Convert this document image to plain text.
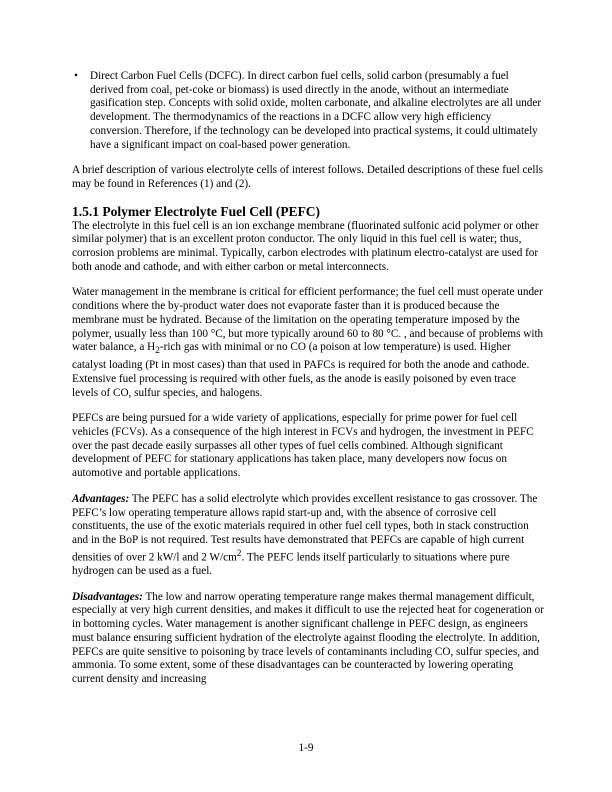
•	Direct Carbon Fuel Cells (DCFC). In direct carbon fuel cells, solid carbon (presumably a fuel derived from coal, pet-coke or biomass) is used directly in the anode, without an intermediate gasification step. Concepts with solid oxide, molten carbonate, and alkaline electrolytes are all under development. The thermodynamics of the reactions in a DCFC allow very high efficiency conversion. Therefore, if the technology can be developed into practical systems, it could ultimately have a significant impact on coal-based power generation.

A brief description of various electrolyte cells of interest follows. Detailed descriptions of these fuel cells may be found in References (1) and (2).

1.5.1 Polymer Electrolyte Fuel Cell (PEFC)

The electrolyte in this fuel cell is an ion exchange membrane (fluorinated sulfonic acid polymer or other similar polymer) that is an excellent proton conductor. The only liquid in this fuel cell is water; thus, corrosion problems are minimal. Typically, carbon electrodes with platinum electro-catalyst are used for both anode and cathode, and with either carbon or metal interconnects.

Water management in the membrane is critical for efficient performance; the fuel cell must operate under conditions where the by-product water does not evaporate faster than it is produced because the membrane must be hydrated. Because of the limitation on the operating temperature imposed by the polymer, usually less than 100 °C, but more typically around 60 to 80 °C. , and because of problems with water balance, a $H_2$-rich gas with minimal or no CO (a poison at low temperature) is used. Higher catalyst loading (Pt in most cases) than that used in PAFCs is required for both the anode and cathode. Extensive fuel processing is required with other fuels, as the anode is easily poisoned by even trace levels of CO, sulfur species, and halogens.

PEFCs are being pursued for a wide variety of applications, especially for prime power for fuel cell vehicles (FCVs). As a consequence of the high interest in FCVs and hydrogen, the investment in PEFC over the past decade easily surpasses all other types of fuel cells combined. Although significant development of PEFC for stationary applications has taken place, many developers now focus on automotive and portable applications.

Advantages: The PEFC has a solid electrolyte which provides excellent resistance to gas crossover. The PEFC’s low operating temperature allows rapid start-up and, with the absence of corrosive cell constituents, the use of the exotic materials required in other fuel cell types, both in stack construction and in the BoP is not required. Test results have demonstrated that PEFCs are capable of high current densities of over 2 kW/l and 2 $W/cm^2$. The PEFC lends itself particularly to situations where pure hydrogen can be used as a fuel.

Disadvantages: The low and narrow operating temperature range makes thermal management difficult, especially at very high current densities, and makes it difficult to use the rejected heat for cogeneration or in bottoming cycles. Water management is another significant challenge in PEFC design, as engineers must balance ensuring sufficient hydration of the electrolyte against flooding the electrolyte. In addition, PEFCs are quite sensitive to poisoning by trace levels of contaminants including CO, sulfur species, and ammonia. To some extent, some of these disadvantages can be counteracted by lowering operating current density and increasing

1-9
